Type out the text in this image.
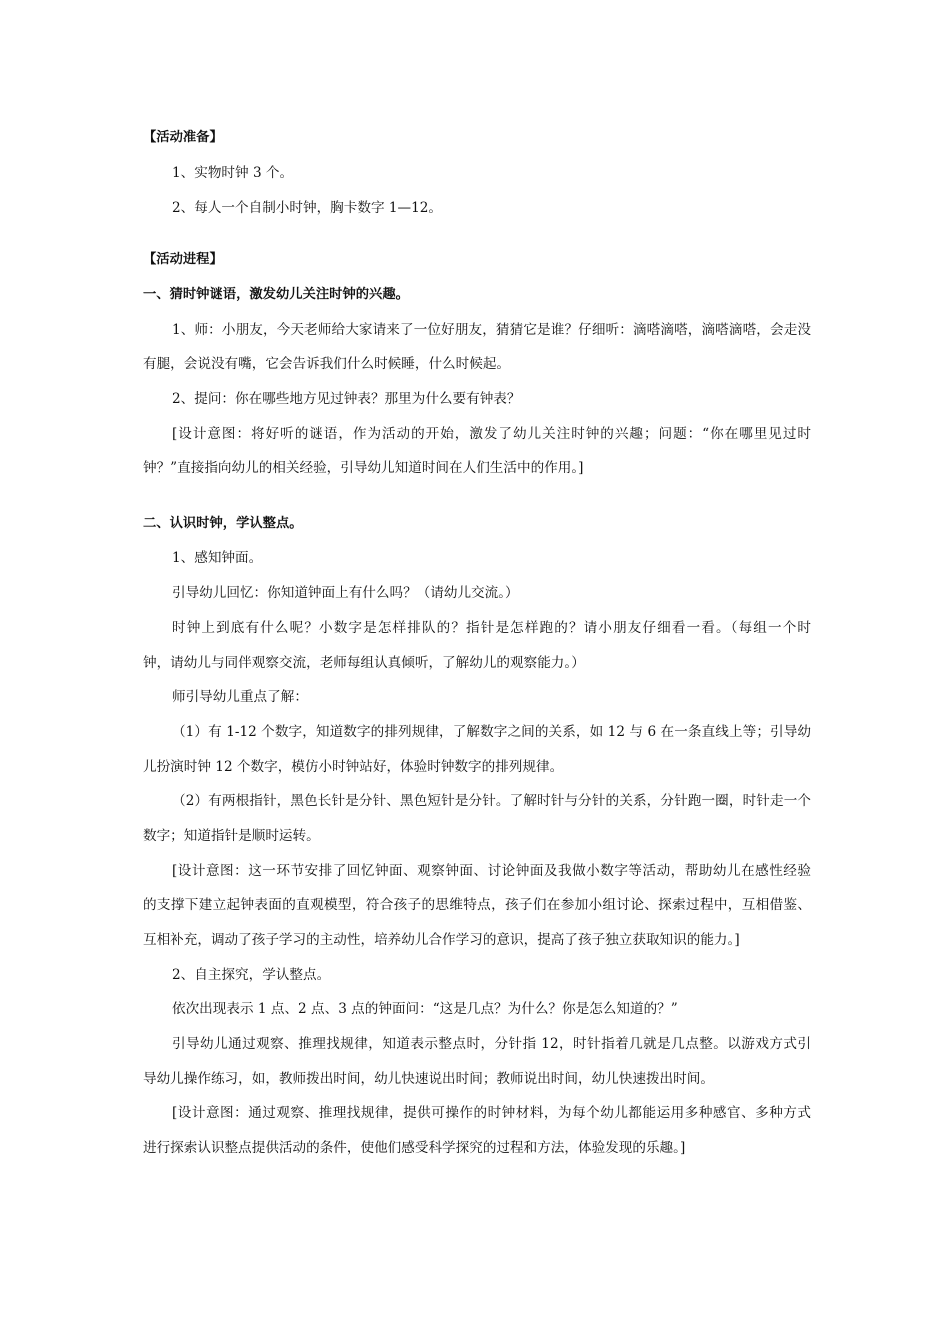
【活动准备】
1、实物时钟 3 个。
2、每人一个自制小时钟，胸卡数字 1—12。
【活动进程】
一、猜时钟谜语，激发幼儿关注时钟的兴趣。
1、师：小朋友，今天老师给大家请来了一位好朋友，猜猜它是谁？仔细听：滴嗒滴嗒，滴嗒滴嗒，会走没
有腿，会说没有嘴，它会告诉我们什么时候睡，什么时候起。
2、提问：你在哪些地方见过钟表？那里为什么要有钟表？
[设计意图：将好听的谜语，作为活动的开始，激发了幼儿关注时钟的兴趣；问题：“你在哪里见过时
钟？”直接指向幼儿的相关经验，引导幼儿知道时间在人们生活中的作用。]
二、认识时钟，学认整点。
1、感知钟面。
引导幼儿回忆：你知道钟面上有什么吗？（请幼儿交流。）
时钟上到底有什么呢？小数字是怎样排队的？指针是怎样跑的？请小朋友仔细看一看。（每组一个时
钟，请幼儿与同伴观察交流，老师每组认真倾听，了解幼儿的观察能力。）
师引导幼儿重点了解：
（1）有 1-12 个数字，知道数字的排列规律，了解数字之间的关系，如 12 与 6 在一条直线上等；引导幼
儿扮演时钟 12 个数字，模仿小时钟站好，体验时钟数字的排列规律。
（2）有两根指针，黑色长针是分针、黑色短针是分针。了解时针与分针的关系，分针跑一圈，时针走一个
数字；知道指针是顺时运转。
[设计意图：这一环节安排了回忆钟面、观察钟面、讨论钟面及我做小数字等活动，帮助幼儿在感性经验
的支撑下建立起钟表面的直观模型，符合孩子的思维特点，孩子们在参加小组讨论、探索过程中，互相借鉴、
互相补充，调动了孩子学习的主动性，培养幼儿合作学习的意识，提高了孩子独立获取知识的能力。]
2、自主探究，学认整点。
依次出现表示 1 点、2 点、3 点的钟面问：“这是几点？为什么？你是怎么知道的？”
引导幼儿通过观察、推理找规律，知道表示整点时，分针指 12，时针指着几就是几点整。以游戏方式引
导幼儿操作练习，如，教师拨出时间，幼儿快速说出时间；教师说出时间，幼儿快速拨出时间。
[设计意图：通过观察、推理找规律，提供可操作的时钟材料，为每个幼儿都能运用多种感官、多种方式
进行探索认识整点提供活动的条件，使他们感受科学探究的过程和方法，体验发现的乐趣。]
